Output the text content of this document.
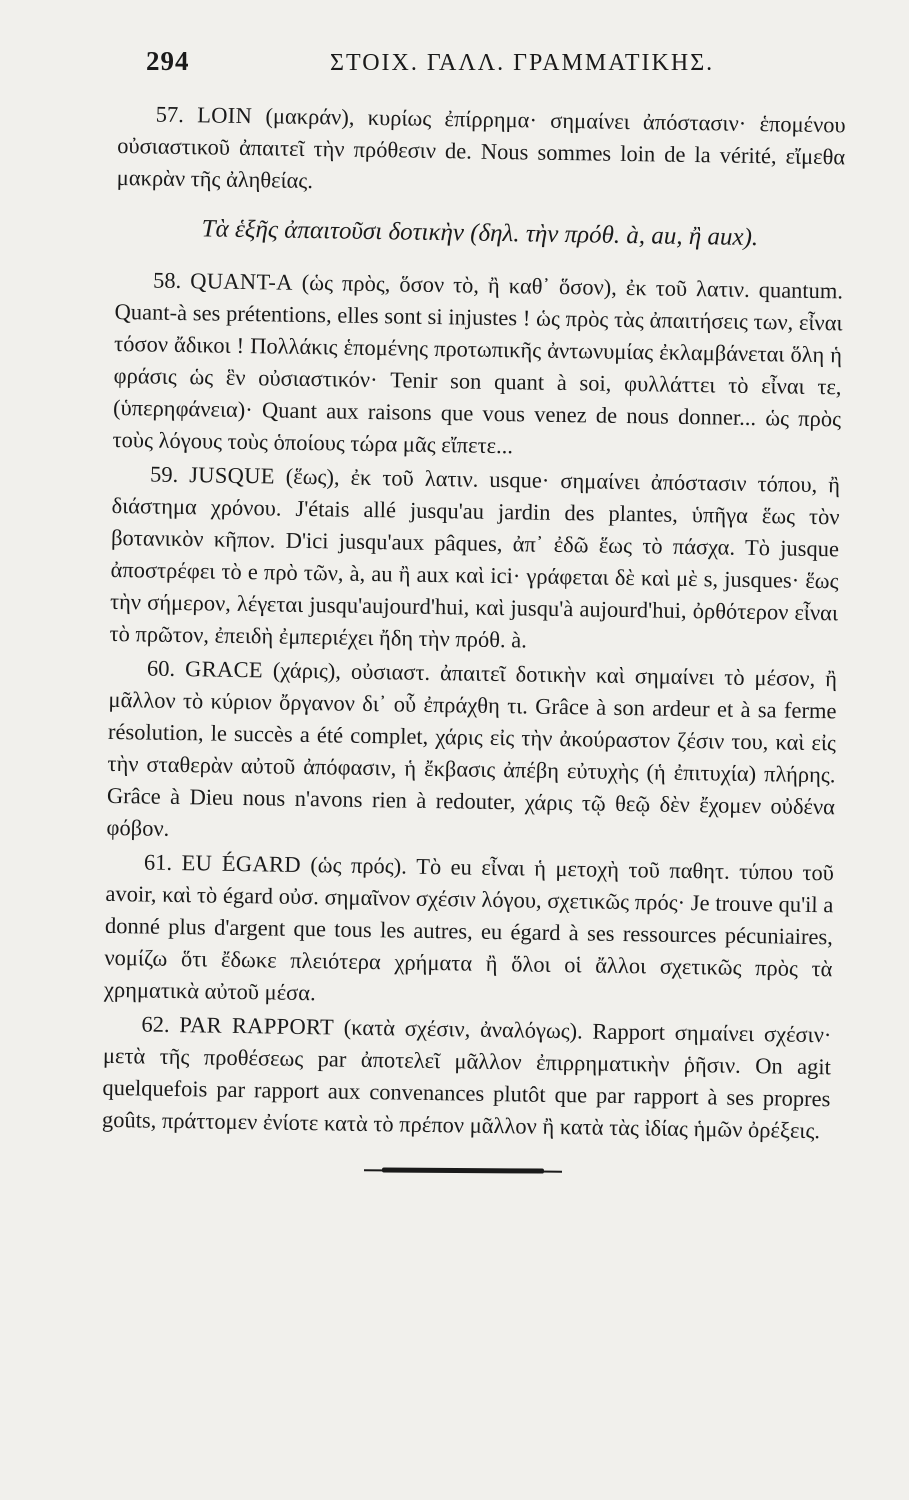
294	ΣΤΟΙΧ. ΓΑΛΛ. ΓΡΑΜΜΑΤΙΚΗΣ.

57. LOIN (μακράν), κυρίως ἐπίρρημα· σημαίνει ἀπόστασιν· ἑπομένου οὐσιαστικοῦ ἀπαιτεῖ τὴν πρόθεσιν de. Nous sommes loin de la vérité, εἴμεθα μακρὰν τῆς ἀληθείας.

Τὰ ἑξῆς ἀπαιτοῦσι δοτικὴν (δηλ. τὴν πρόθ. à, au, ἢ aux).

58. QUANT-A (ὡς πρὸς, ὅσον τὸ, ἢ καθ᾽ ὅσον), ἐκ τοῦ λατιν. quantum. Quant-à ses prétentions, elles sont si injustes ! ὡς πρὸς τὰς ἀπαιτήσεις των, εἶναι τόσον ἄδικοι ! Πολλάκις ἑπομένης προτωπικῆς ἀντωνυμίας ἐκλαμβάνεται ὅλη ἡ φράσις ὡς ἓν οὐσιαστικόν· Tenir son quant à soi, φυλλάττει τὸ εἶναι τε, (ὑπερηφάνεια)· Quant aux raisons que vous venez de nous donner... ὡς πρὸς τοὺς λόγους τοὺς ὁποίους τώρα μᾶς εἴπετε...

59. JUSQUE (ἕως), ἐκ τοῦ λατιν. usque· σημαίνει ἀπόστασιν τόπου, ἢ διάστημα χρόνου. J'étais allé jusqu'au jardin des plantes, ὑπῆγα ἕως τὸν βοτανικὸν κῆπον. D'ici jusqu'aux pâques, ἀπ᾽ ἐδῶ ἕως τὸ πάσχα. Τὸ jusque ἀποστρέφει τὸ e πρὸ τῶν, à, au ἢ aux καὶ ici· γράφεται δὲ καὶ μὲ s, jusques· ἕως τὴν σήμερον, λέγεται jusqu'aujourd'hui, καὶ jusqu'à aujourd'hui, ὀρθότερον εἶναι τὸ πρῶτον, ἐπειδὴ ἐμπεριέχει ἤδη τὴν πρόθ. à.

60. GRACE (χάρις), οὐσιαστ. ἀπαιτεῖ δοτικὴν καὶ σημαίνει τὸ μέσον, ἢ μᾶλλον τὸ κύριον ὄργανον δι᾽ οὗ ἐπράχθη τι. Grâce à son ardeur et à sa ferme résolution, le succès a été complet, χάρις εἰς τὴν ἀκούραστον ζέσιν του, καὶ εἰς τὴν σταθερὰν αὐτοῦ ἀπόφασιν, ἡ ἔκβασις ἀπέβη εὐτυχὴς (ἡ ἐπιτυχία) πλήρης. Grâce à Dieu nous n'avons rien à redouter, χάρις τῷ θεῷ δὲν ἔχομεν οὐδένα φόβον.

61. EU ÉGARD (ὡς πρός). Τὸ eu εἶναι ἡ μετοχὴ τοῦ παθητ. τύπου τοῦ avoir, καὶ τὸ égard οὐσ. σημαῖνον σχέσιν λόγου, σχετικῶς πρός· Je trouve qu'il a donné plus d'argent que tous les autres, eu égard à ses ressources pécuniaires, νομίζω ὅτι ἔδωκε πλειότερα χρήματα ἢ ὅλοι οἱ ἄλλοι σχετικῶς πρὸς τὰ χρηματικὰ αὐτοῦ μέσα.

62. PAR RAPPORT (κατὰ σχέσιν, ἀναλόγως). Rapport σημαίνει σχέσιν· μετὰ τῆς προθέσεως par ἀποτελεῖ μᾶλλον ἐπιρρηματικὴν ῥῆσιν. On agit quelquefois par rapport aux convenances plutôt que par rapport à ses propres goûts, πράττομεν ἐνίοτε κατὰ τὸ πρέπον μᾶλλον ἢ κατὰ τὰς ἰδίας ἡμῶν ὀρέξεις.
